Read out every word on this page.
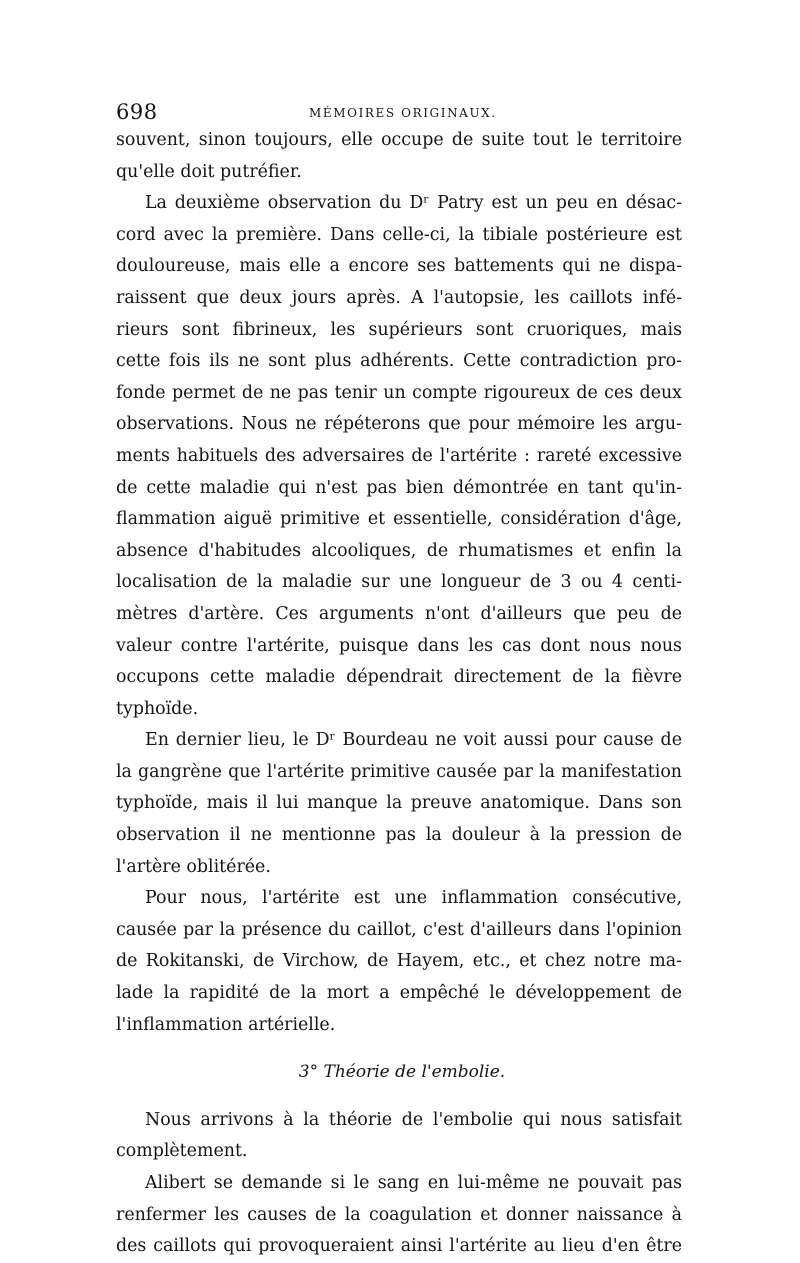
698	MÉMOIRES ORIGINAUX.
souvent, sinon toujours, elle occupe de suite tout le territoire
qu'elle doit putréfier.
La deuxième observation du Dʳ Patry est un peu en désac-
cord avec la première. Dans celle-ci, la tibiale postérieure est
douloureuse, mais elle a encore ses battements qui ne dispa-
raissent que deux jours après. A l'autopsie, les caillots infé-
rieurs sont fibrineux, les supérieurs sont cruoriques, mais
cette fois ils ne sont plus adhérents. Cette contradiction pro-
fonde permet de ne pas tenir un compte rigoureux de ces deux
observations. Nous ne répéterons que pour mémoire les argu-
ments habituels des adversaires de l'artérite : rareté excessive
de cette maladie qui n'est pas bien démontrée en tant qu'in-
flammation aiguë primitive et essentielle, considération d'âge,
absence d'habitudes alcooliques, de rhumatismes et enfin la
localisation de la maladie sur une longueur de 3 ou 4 centi-
mètres d'artère. Ces arguments n'ont d'ailleurs que peu de
valeur contre l'artérite, puisque dans les cas dont nous nous
occupons cette maladie dépendrait directement de la fièvre
typhoïde.
En dernier lieu, le Dʳ Bourdeau ne voit aussi pour cause de
la gangrène que l'artérite primitive causée par la manifestation
typhoïde, mais il lui manque la preuve anatomique. Dans son
observation il ne mentionne pas la douleur à la pression de
l'artère oblitérée.
Pour nous, l'artérite est une inflammation consécutive,
causée par la présence du caillot, c'est d'ailleurs dans l'opinion
de Rokitanski, de Virchow, de Hayem, etc., et chez notre ma-
lade la rapidité de la mort a empêché le développement de
l'inflammation artérielle.
3° Théorie de l'embolie.
Nous arrivons à la théorie de l'embolie qui nous satisfait
complètement.
Alibert se demande si le sang en lui-même ne pouvait pas
renfermer les causes de la coagulation et donner naissance à
des caillots qui provoqueraient ainsi l'artérite au lieu d'en être
